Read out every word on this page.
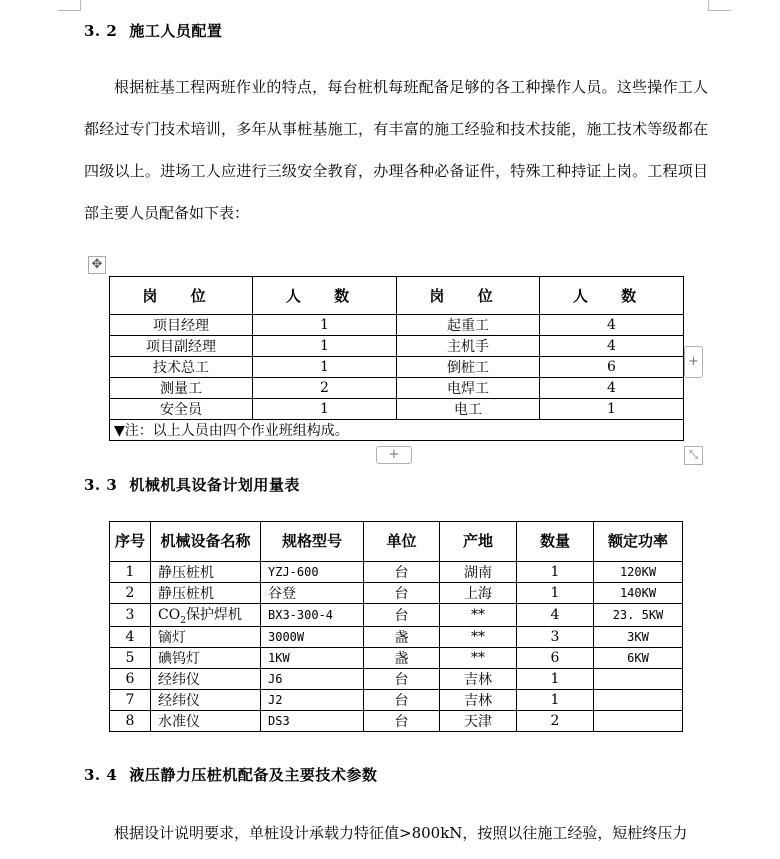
3. 2 施工人员配置
根据桩基工程两班作业的特点，每台桩机每班配备足够的各工种操作人员。这些操作工人都经过专门技术培训，多年从事桩基施工，有丰富的施工经验和技术技能，施工技术等级都在四级以上。进场工人应进行三级安全教育，办理各种必备证件，特殊工种持证上岗。工程项目部主要人员配备如下表：
✥
+
+	⤡
岗 位	人 数	岗 位	人 数
项目经理	1	起重工	4
项目副经理	1	主机手	4
技术总工	1	倒桩工	6
测量工	2	电焊工	4
安全员	1	电工	1
▼注：以上人员由四个作业班组构成。			
3. 3 机械机具设备计划用量表
序号	机械设备名称	规格型号	单位	产地	数量	额定功率
1	静压桩机	YZJ-600	台	湖南	1	120KW
2	静压桩机	谷登	台	上海	1	140KW
3	$CO_2$保护焊机	BX3-300-4	台	**	4	23. 5KW
4	镝灯	3000W	盏	**	3	3KW
5	碘钨灯	1KW	盏	**	6	6KW
6	经纬仪	J6	台	吉林	1	
7	经纬仪	J2	台	吉林	1	
8	水准仪	DS3	台	天津	2	
3. 4 液压静力压桩机配备及主要技术参数
根据设计说明要求，单桩设计承载力特征值>800kN，按照以往施工经验，短桩终压力
